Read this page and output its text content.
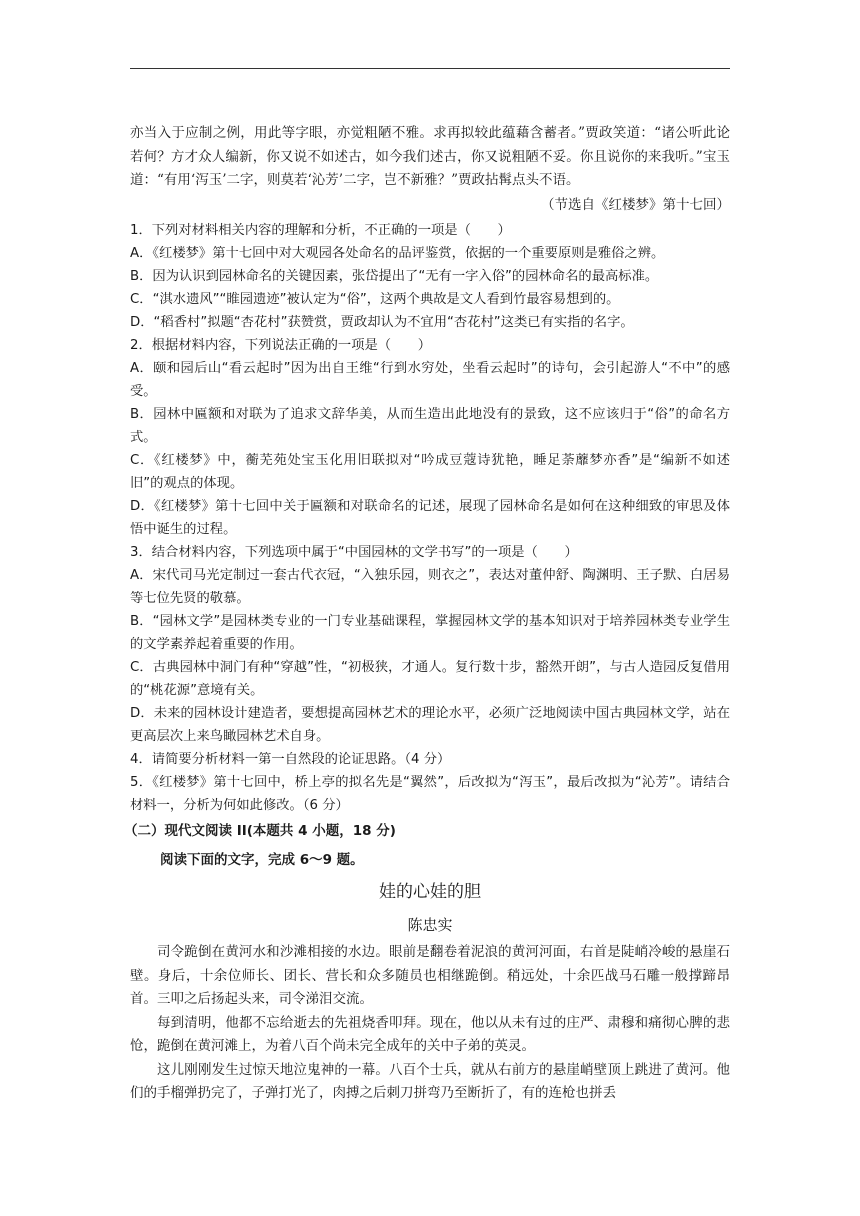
亦当入于应制之例，用此等字眼，亦觉粗陋不雅。求再拟较此蕴藉含蓄者。”贾政笑道：“诸公听此论若何？方才众人编新，你又说不如述古，如今我们述古，你又说粗陋不妥。你且说你的来我听。”宝玉道：“有用‘泻玉’二字，则莫若‘沁芳’二字，岂不新雅？”贾政拈髯点头不语。

（节选自《红楼梦》第十七回）

1．下列对材料相关内容的理解和分析，不正确的一项是（　　）

A．《红楼梦》第十七回中对大观园各处命名的品评鉴赏，依据的一个重要原则是雅俗之辨。

B．因为认识到园林命名的关键因素，张岱提出了“无有一字入俗”的园林命名的最高标准。

C．“淇水遗风”“睢园遗迹”被认定为“俗”，这两个典故是文人看到竹最容易想到的。

D．“稻香村”拟题“杏花村”获赞赏，贾政却认为不宜用“杏花村”这类已有实指的名字。

2．根据材料内容，下列说法正确的一项是（　　）

A．颐和园后山“看云起时”因为出自王维“行到水穷处，坐看云起时”的诗句，会引起游人“不中”的感受。

B．园林中匾额和对联为了追求文辞华美，从而生造出此地没有的景致，这不应该归于“俗”的命名方式。

C．《红楼梦》中，蘅芜苑处宝玉化用旧联拟对“吟成豆蔻诗犹艳，睡足荼蘼梦亦香”是“编新不如述旧”的观点的体现。

D．《红楼梦》第十七回中关于匾额和对联命名的记述，展现了园林命名是如何在这种细致的审思及体悟中诞生的过程。

3．结合材料内容，下列选项中属于“中国园林的文学书写”的一项是（　　）

A．宋代司马光定制过一套古代衣冠，“入独乐园，则衣之”，表达对董仲舒、陶渊明、王子默、白居易等七位先贤的敬慕。

B．“园林文学”是园林类专业的一门专业基础课程，掌握园林文学的基本知识对于培养园林类专业学生的文学素养起着重要的作用。

C．古典园林中洞门有种“穿越”性，“初极狭，才通人。复行数十步，豁然开朗”，与古人造园反复借用的“桃花源”意境有关。

D．未来的园林设计建造者，要想提高园林艺术的理论水平，必须广泛地阅读中国古典园林文学，站在更高层次上来鸟瞰园林艺术自身。

4．请简要分析材料一第一自然段的论证思路。（4 分）

5．《红楼梦》第十七回中，桥上亭的拟名先是“翼然”，后改拟为“泻玉”，最后改拟为“沁芳”。请结合材料一，分析为何如此修改。（6 分）

（二）现代文阅读 II(本题共 4 小题，18 分)

阅读下面的文字，完成 6～9 题。

娃的心娃的胆

陈忠实

司令跪倒在黄河水和沙滩相接的水边。眼前是翻卷着泥浪的黄河河面，右首是陡峭冷峻的悬崖石壁。身后，十余位师长、团长、营长和众多随员也相继跪倒。稍远处，十余匹战马石雕一般撑蹄昂首。三叩之后扬起头来，司令涕泪交流。

每到清明，他都不忘给逝去的先祖烧香叩拜。现在，他以从未有过的庄严、肃穆和痛彻心脾的悲怆，跪倒在黄河滩上，为着八百个尚未完全成年的关中子弟的英灵。

这儿刚刚发生过惊天地泣鬼神的一幕。八百个士兵，就从右前方的悬崖峭壁顶上跳进了黄河。他们的手榴弹扔完了，子弹打光了，肉搏之后刺刀拼弯乃至断折了，有的连枪也拼丢
